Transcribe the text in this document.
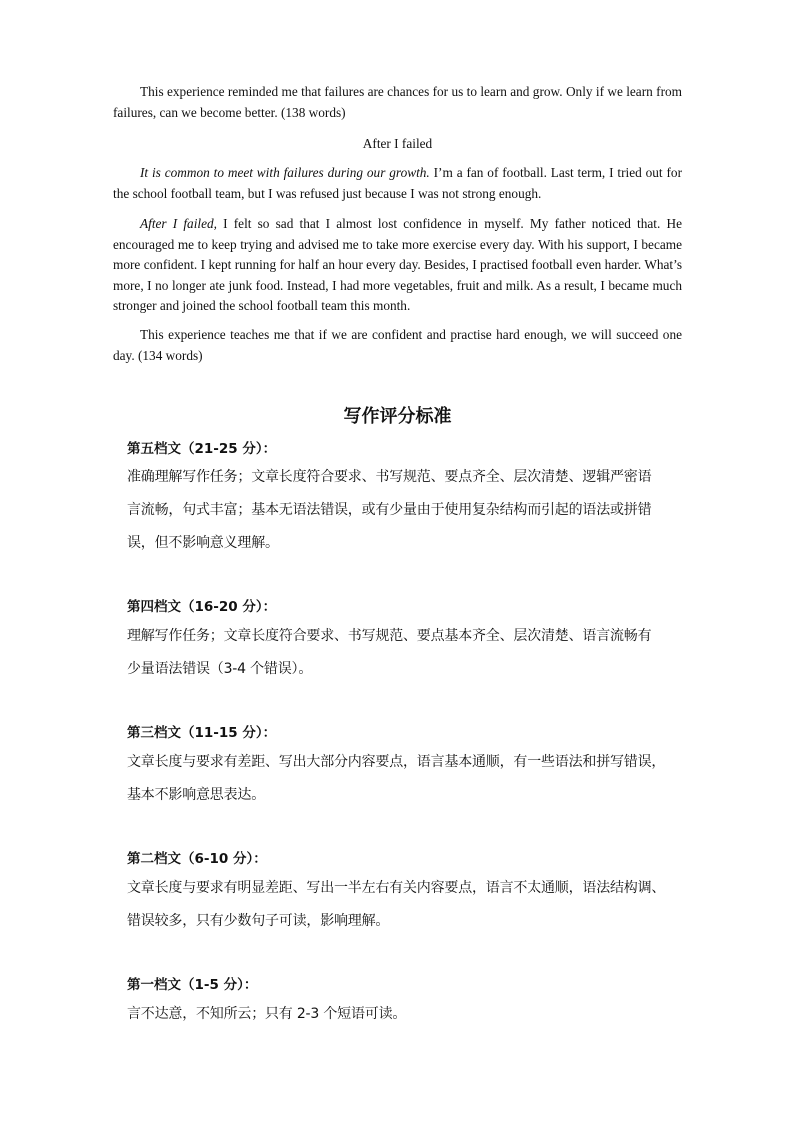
This experience reminded me that failures are chances for us to learn and grow. Only if we learn from failures, can we become better. (138 words)

After I failed

It is common to meet with failures during our growth. I’m a fan of football. Last term, I tried out for the school football team, but I was refused just because I was not strong enough.

After I failed, I felt so sad that I almost lost confidence in myself. My father noticed that. He encouraged me to keep trying and advised me to take more exercise every day. With his support, I became more confident. I kept running for half an hour every day. Besides, I practised football even harder. What’s more, I no longer ate junk food. Instead, I had more vegetables, fruit and milk. As a result, I became much stronger and joined the school football team this month.

This experience teaches me that if we are confident and practise hard enough, we will succeed one day. (134 words)

写作评分标准

第五档文（21-25 分）：

准确理解写作任务；文章长度符合要求、书写规范、要点齐全、层次清楚、逻辑严密语

言流畅，句式丰富；基本无语法错误，或有少量由于使用复杂结构而引起的语法或拼错

误，但不影响意义理解。

第四档文（16-20 分）：

理解写作任务；文章长度符合要求、书写规范、要点基本齐全、层次清楚、语言流畅有

少量语法错误（3-4 个错误）。

第三档文（11-15 分）：

文章长度与要求有差距、写出大部分内容要点，语言基本通顺，有一些语法和拼写错误，

基本不影响意思表达。

第二档文（6-10 分）：

文章长度与要求有明显差距、写出一半左右有关内容要点，语言不太通顺，语法结构调、

错误较多，只有少数句子可读，影响理解。

第一档文（1-5 分）：

言不达意，不知所云；只有 2-3 个短语可读。
